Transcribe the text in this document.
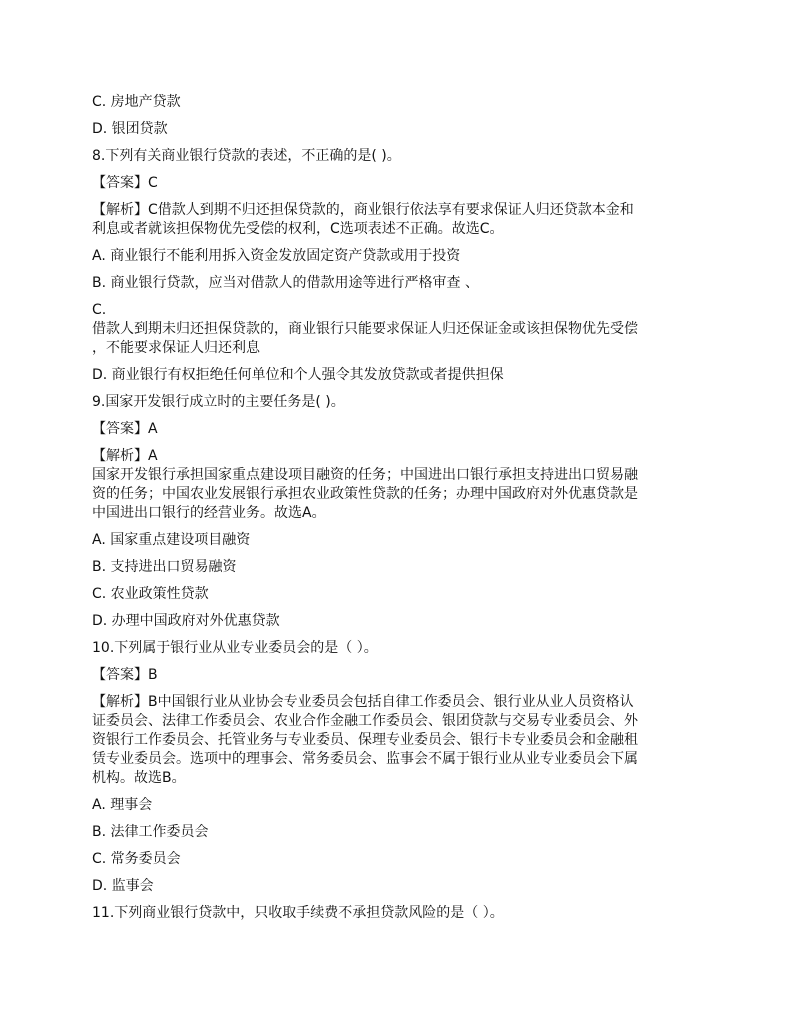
C. 房地产贷款
D. 银团贷款
8.下列有关商业银行贷款的表述，不正确的是( )。
【答案】C
【解析】C借款人到期不归还担保贷款的，商业银行依法享有要求保证人归还贷款本金和
利息或者就该担保物优先受偿的权利，C选项表述不正确。故选C。
A. 商业银行不能利用拆入资金发放固定资产贷款或用于投资
B. 商业银行贷款，应当对借款人的借款用途等进行严格审查 、
C.
借款人到期未归还担保贷款的，商业银行只能要求保证人归还保证金或该担保物优先受偿
，不能要求保证人归还利息
D. 商业银行有权拒绝任何单位和个人强令其发放贷款或者提供担保
9.国家开发银行成立时的主要任务是( )。
【答案】A
【解析】A
国家开发银行承担国家重点建设项目融资的任务；中国进出口银行承担支持进出口贸易融
资的任务；中国农业发展银行承担农业政策性贷款的任务；办理中国政府对外优惠贷款是
中国进出口银行的经营业务。故选A。
A. 国家重点建设项目融资
B. 支持进出口贸易融资
C. 农业政策性贷款
D. 办理中国政府对外优惠贷款
10.下列属于银行业从业专业委员会的是（ ）。
【答案】B
【解析】B中国银行业从业协会专业委员会包括自律工作委员会、银行业从业人员资格认
证委员会、法律工作委员会、农业合作金融工作委员会、银团贷款与交易专业委员会、外
资银行工作委员会、托管业务与专业委员、保理专业委员会、银行卡专业委员会和金融租
赁专业委员会。选项中的理事会、常务委员会、监事会不属于银行业从业专业委员会下属
机构。故选B。
A. 理事会
B. 法律工作委员会
C. 常务委员会
D. 监事会
11.下列商业银行贷款中，只收取手续费不承担贷款风险的是（ ）。
